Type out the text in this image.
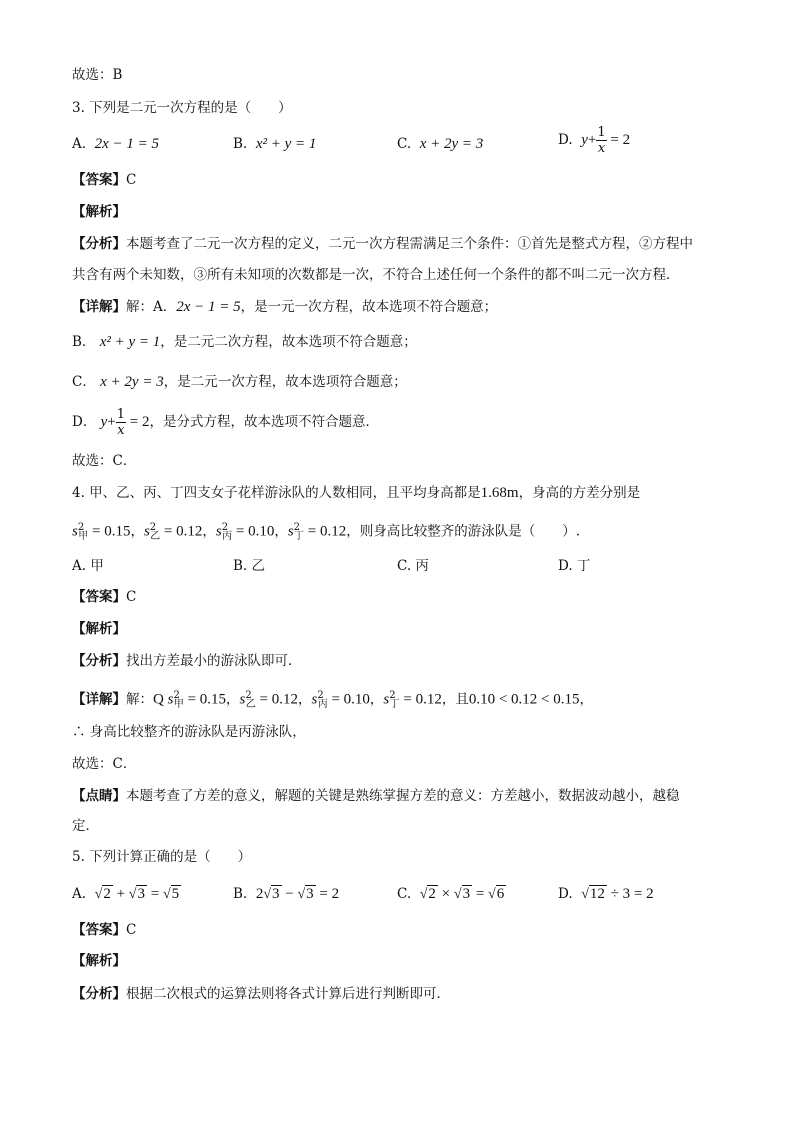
故选：B
3. 下列是二元一次方程的是（　　）
A. 2x − 1 = 5	B. x² + y = 1	C. x + 2y = 3	D. $y+ \frac{1}{x} = 2$
【答案】C
【解析】
【分析】本题考查了二元一次方程的定义，二元一次方程需满足三个条件：①首先是整式方程，②方程中
共含有两个未知数，③所有未知项的次数都是一次，不符合上述任何一个条件的都不叫二元一次方程．
【详解】解：A．2x − 1 = 5，是一元一次方程，故本选项不符合题意；
B． x² + y = 1，是二元二次方程，故本选项不符合题意；
C． x + 2y = 3，是二元一次方程，故本选项符合题意；
D． $y+ \frac{1}{x} = 2$，是分式方程，故本选项不符合题意．
故选：C．
4. 甲、乙、丙、丁四支女子花样游泳队的人数相同，且平均身高都是1.68m，身高的方差分别是
$s^2_甲 = 0.15$，$s^2_乙 = 0.12$，$s^2_丙 = 0.10$，$s^2_丁 = 0.12$，则身高比较整齐的游泳队是（　　）.
A. 甲	B. 乙	C. 丙	D. 丁
【答案】C
【解析】
【分析】找出方差最小的游泳队即可．
【详解】解：Q $s^2_甲 = 0.15$，$s^2_乙 = 0.12$，$s^2_丙 = 0.10$，$s^2_丁 = 0.12$，且0.10 < 0.12 < 0.15，
∴ 身高比较整齐的游泳队是丙游泳队，
故选：C．
【点睛】本题考查了方差的意义，解题的关键是熟练掌握方差的意义：方差越小，数据波动越小，越稳
定．
5. 下列计算正确的是（　　）
A. √2 + √3 = √5	B. 2√3 − √3 = 2	C. √2 × √3 = √6	D. √12 ÷ 3 = 2
【答案】C
【解析】
【分析】根据二次根式的运算法则将各式计算后进行判断即可．
